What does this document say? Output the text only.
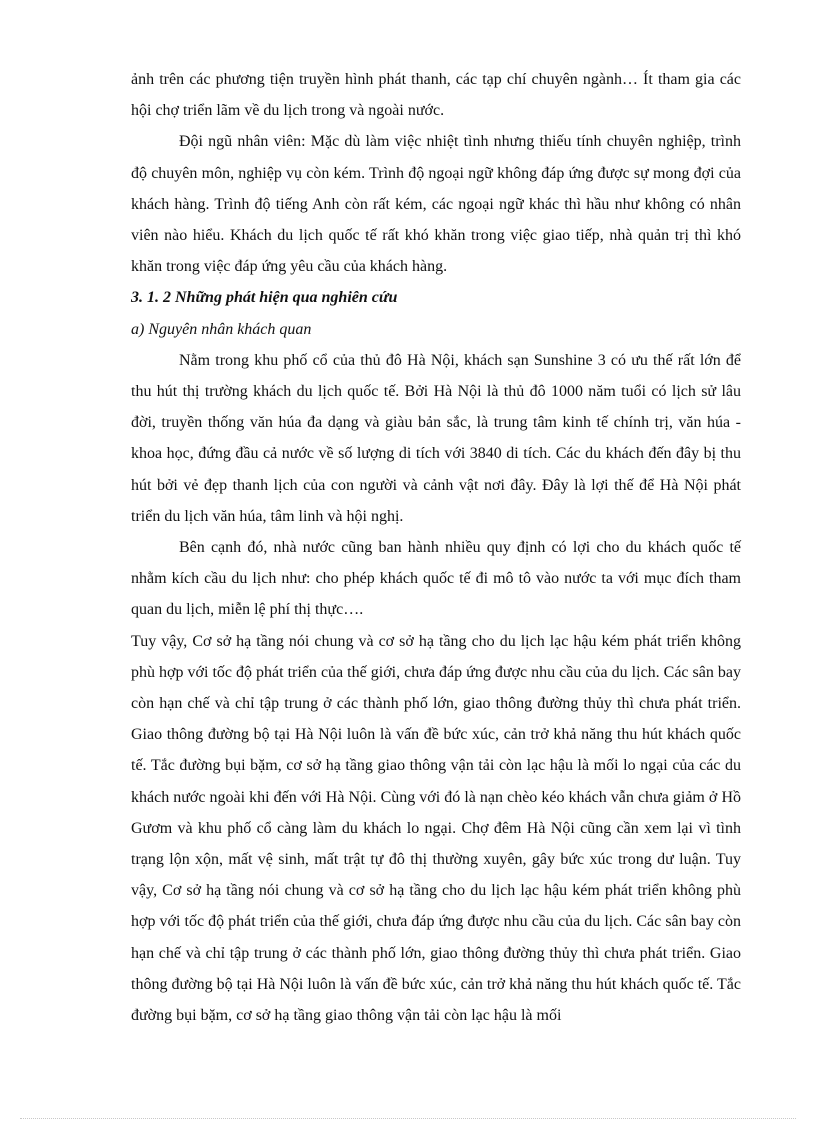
ảnh trên các phương tiện truyền hình phát thanh, các tạp chí chuyên ngành… Ít tham gia các hội chợ triển lãm về du lịch trong và ngoài nước.

Đội ngũ nhân viên: Mặc dù làm việc nhiệt tình nhưng thiếu tính chuyên nghiệp, trình độ chuyên môn, nghiệp vụ còn kém. Trình độ ngoại ngữ không đáp ứng được sự mong đợi của khách hàng. Trình độ tiếng Anh còn rất kém, các ngoại ngữ khác thì hầu như không có nhân viên nào hiểu. Khách du lịch quốc tế rất khó khăn trong việc giao tiếp, nhà quản trị thì khó khăn trong việc đáp ứng yêu cầu của khách hàng.

3. 1. 2 Những phát hiện qua nghiên cứu

a) Nguyên nhân khách quan

Nằm trong khu phố cổ của thủ đô Hà Nội, khách sạn Sunshine 3 có ưu thế rất lớn để thu hút thị trường khách du lịch quốc tế. Bởi Hà Nội là thủ đô 1000 năm tuổi có lịch sử lâu đời, truyền thống văn húa đa dạng và giàu bản sắc, là trung tâm kinh tế chính trị, văn húa - khoa học, đứng đầu cả nước về số lượng di tích với 3840 di tích. Các du khách đến đây bị thu hút bởi vẻ đẹp thanh lịch của con người và cảnh vật nơi đây. Đây là lợi thế để Hà Nội phát triển du lịch văn húa, tâm linh và hội nghị.

Bên cạnh đó, nhà nước cũng ban hành nhiều quy định có lợi cho du khách quốc tế nhằm kích cầu du lịch như: cho phép khách quốc tế đi mô tô vào nước ta với mục đích tham quan du lịch, miễn lệ phí thị thực….

Tuy vậy, Cơ sở hạ tầng nói chung và cơ sở hạ tầng cho du lịch lạc hậu kém phát triển không phù hợp với tốc độ phát triển của thế giới, chưa đáp ứng được nhu cầu của du lịch. Các sân bay còn hạn chế và chỉ tập trung ở các thành phố lớn, giao thông đường thủy thì chưa phát triển. Giao thông đường bộ tại Hà Nội luôn là vấn đề bức xúc, cản trở khả năng thu hút khách quốc tế. Tắc đường bụi bặm, cơ sở hạ tầng giao thông vận tải còn lạc hậu là mối lo ngại của các du khách nước ngoài khi đến với Hà Nội. Cùng với đó là nạn chèo kéo khách vẫn chưa giảm ở Hồ Gươm và khu phố cổ càng làm du khách lo ngại. Chợ đêm Hà Nội cũng cần xem lại vì tình trạng lộn xộn, mất vệ sinh, mất trật tự đô thị thường xuyên, gây bức xúc trong dư luận. Tuy vậy, Cơ sở hạ tầng nói chung và cơ sở hạ tầng cho du lịch lạc hậu kém phát triển không phù hợp với tốc độ phát triển của thế giới, chưa đáp ứng được nhu cầu của du lịch. Các sân bay còn hạn chế và chỉ tập trung ở các thành phố lớn, giao thông đường thủy thì chưa phát triển. Giao thông đường bộ tại Hà Nội luôn là vấn đề bức xúc, cản trở khả năng thu hút khách quốc tế. Tắc đường bụi bặm, cơ sở hạ tầng giao thông vận tải còn lạc hậu là mối
